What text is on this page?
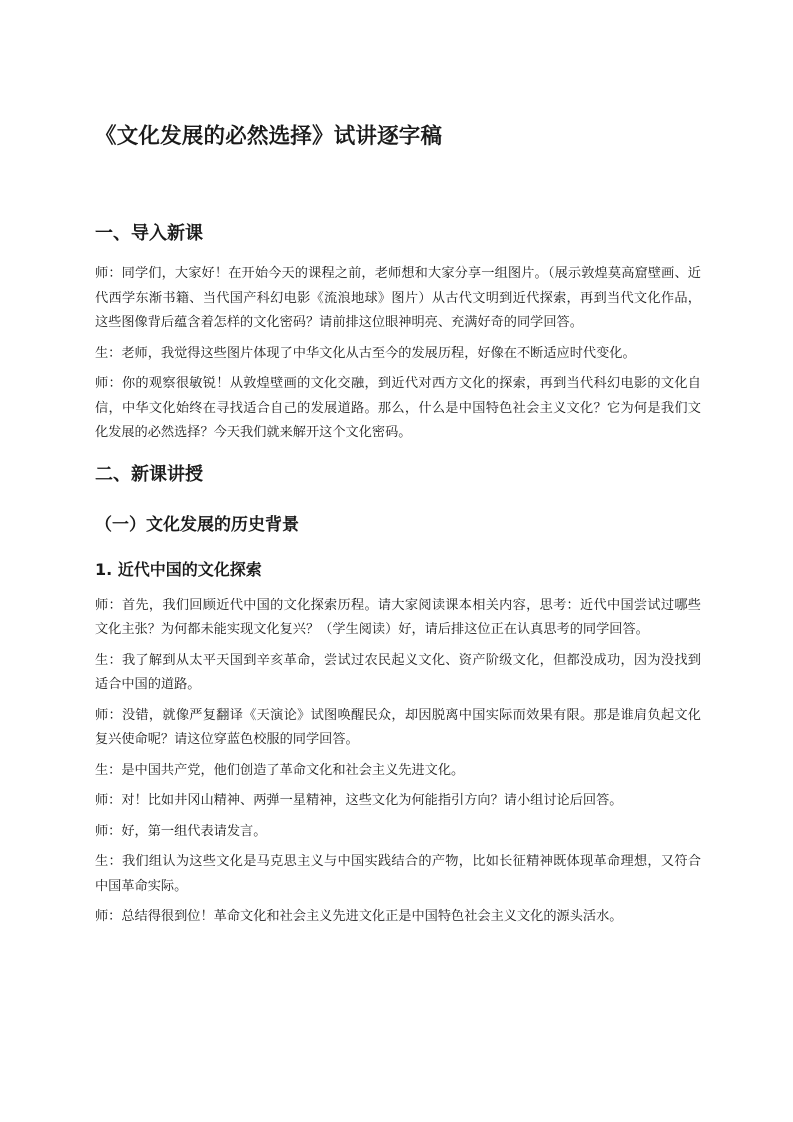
《文化发展的必然选择》试讲逐字稿
一、导入新课
师：同学们，大家好！在开始今天的课程之前，老师想和大家分享一组图片。（展示敦煌莫高窟壁画、近代西学东渐书籍、当代国产科幻电影《流浪地球》图片）从古代文明到近代探索，再到当代文化作品，这些图像背后蕴含着怎样的文化密码？请前排这位眼神明亮、充满好奇的同学回答。
生：老师，我觉得这些图片体现了中华文化从古至今的发展历程，好像在不断适应时代变化。
师：你的观察很敏锐！从敦煌壁画的文化交融，到近代对西方文化的探索，再到当代科幻电影的文化自信，中华文化始终在寻找适合自己的发展道路。那么，什么是中国特色社会主义文化？它为何是我们文化发展的必然选择？今天我们就来解开这个文化密码。
二、新课讲授
（一）文化发展的历史背景
1. 近代中国的文化探索
师：首先，我们回顾近代中国的文化探索历程。请大家阅读课本相关内容，思考：近代中国尝试过哪些文化主张？为何都未能实现文化复兴？（学生阅读）好，请后排这位正在认真思考的同学回答。
生：我了解到从太平天国到辛亥革命，尝试过农民起义文化、资产阶级文化，但都没成功，因为没找到适合中国的道路。
师：没错，就像严复翻译《天演论》试图唤醒民众，却因脱离中国实际而效果有限。那是谁肩负起文化复兴使命呢？请这位穿蓝色校服的同学回答。
生：是中国共产党，他们创造了革命文化和社会主义先进文化。
师：对！比如井冈山精神、两弹一星精神，这些文化为何能指引方向？请小组讨论后回答。
师：好，第一组代表请发言。
生：我们组认为这些文化是马克思主义与中国实践结合的产物，比如长征精神既体现革命理想，又符合中国革命实际。
师：总结得很到位！革命文化和社会主义先进文化正是中国特色社会主义文化的源头活水。
